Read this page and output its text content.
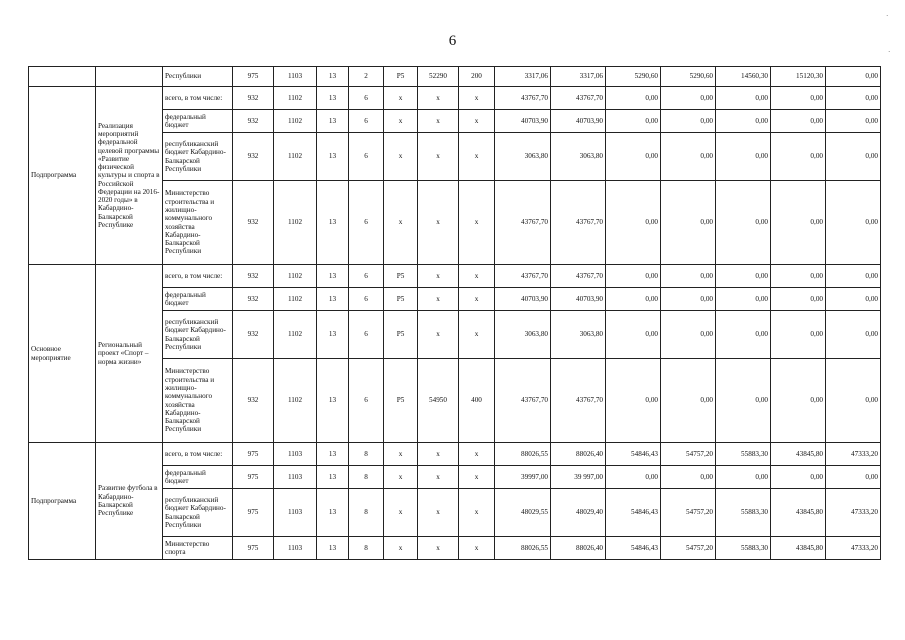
6
		Республики	975	1103	13	2	P5	52290	200	3317,06	3317,06	5290,60	5290,60	14560,30	15120,30	0,00
Подпрограмма	Реализация мероприятий федеральной целевой программы «Развитие физической культуры и спорта в Российской Федерации на 2016-2020 годы» в Кабардино-Балкарской Республике	всего, в том числе:	932	1102	13	6	x	x	x	43767,70	43767,70	0,00	0,00	0,00	0,00	0,00
		федеральный бюджет	932	1102	13	6	x	x	x	40703,90	40703,90	0,00	0,00	0,00	0,00	0,00
		республиканский бюджет Кабардино-Балкарской Республики	932	1102	13	6	x	x	x	3063,80	3063,80	0,00	0,00	0,00	0,00	0,00
		Министерство строительства и жилищно-коммунального хозяйства Кабардино-Балкарской Республики	932	1102	13	6	x	x	x	43767,70	43767,70	0,00	0,00	0,00	0,00	0,00
Основное мероприятие	Региональный проект «Спорт – норма жизни»	всего, в том числе:	932	1102	13	6	P5	x	x	43767,70	43767,70	0,00	0,00	0,00	0,00	0,00
		федеральный бюджет	932	1102	13	6	P5	x	x	40703,90	40703,90	0,00	0,00	0,00	0,00	0,00
		республиканский бюджет Кабардино-Балкарской Республики	932	1102	13	6	P5	x	x	3063,80	3063,80	0,00	0,00	0,00	0,00	0,00
		Министерство строительства и жилищно-коммунального хозяйства Кабардино-Балкарской Республики	932	1102	13	6	P5	54950	400	43767,70	43767,70	0,00	0,00	0,00	0,00	0,00
Подпрограмма	Развитие футбола в Кабардино-Балкарской Республике	всего, в том числе:	975	1103	13	8	x	x	x	88026,55	88026,40	54846,43	54757,20	55883,30	43845,80	47333,20
		федеральный бюджет	975	1103	13	8	x	x	x	39997,00	39 997,00	0,00	0,00	0,00	0,00	0,00
		республиканский бюджет Кабардино-Балкарской Республики	975	1103	13	8	x	x	x	48029,55	48029,40	54846,43	54757,20	55883,30	43845,80	47333,20
		Министерство спорта	975	1103	13	8	x	x	x	88026,55	88026,40	54846,43	54757,20	55883,30	43845,80	47333,20
·
·
